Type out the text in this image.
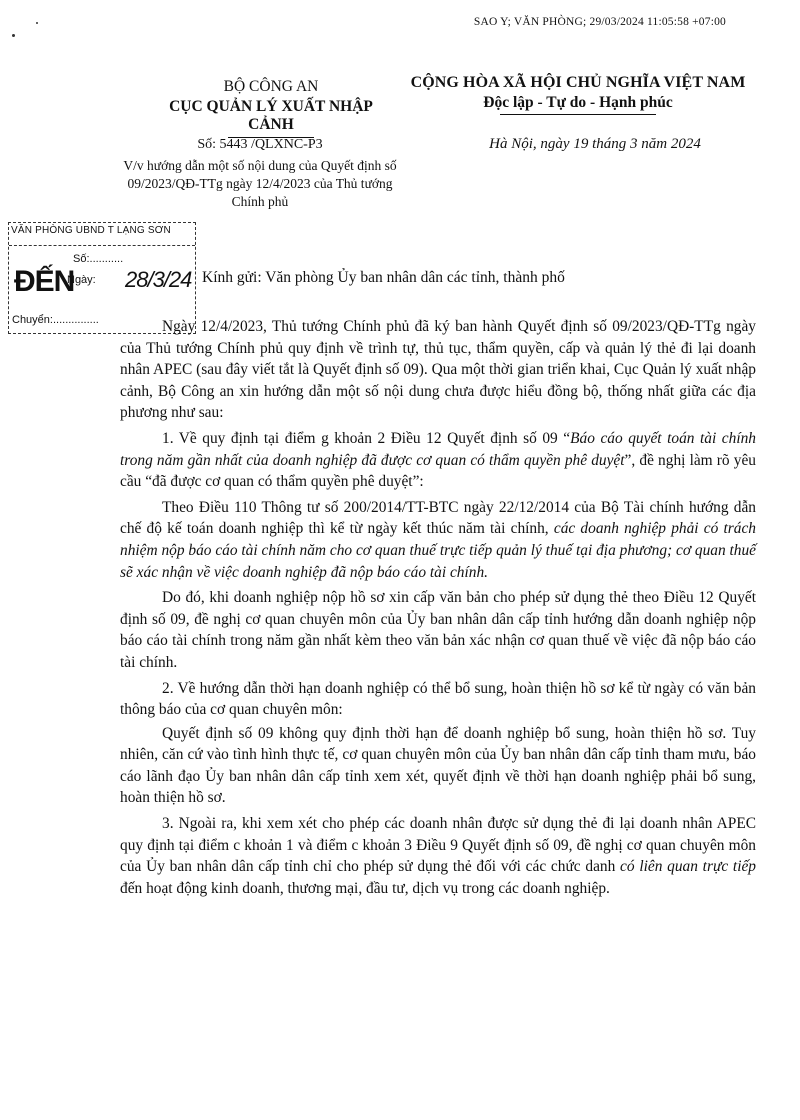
SAO Y; VĂN PHÒNG; 29/03/2024 11:05:58 +07:00
BỘ CÔNG AN
CỤC QUẢN LÝ XUẤT NHẬP CẢNH
CỘNG HÒA XÃ HỘI CHỦ NGHĨA VIỆT NAM
Độc lập - Tự do - Hạnh phúc
Số: 5443 /QLXNC-P3
V/v hướng dẫn một số nội dung của Quyết định số 09/2023/QĐ-TTg ngày 12/4/2023 của Thủ tướng Chính phủ
Hà Nội, ngày 19 tháng 3 năm 2024
VĂN PHÒNG UBND T LẠNG SƠN
Số:...........
ĐẾN
Ngày: 28/3/24
Chuyển:...............
Kính gửi: Văn phòng Ủy ban nhân dân các tỉnh, thành phố

Ngày 12/4/2023, Thủ tướng Chính phủ đã ký ban hành Quyết định số 09/2023/QĐ-TTg ngày của Thủ tướng Chính phủ quy định về trình tự, thủ tục, thẩm quyền, cấp và quản lý thẻ đi lại doanh nhân APEC (sau đây viết tắt là Quyết định số 09). Qua một thời gian triển khai, Cục Quản lý xuất nhập cảnh, Bộ Công an xin hướng dẫn một số nội dung chưa được hiểu đồng bộ, thống nhất giữa các địa phương như sau:

1. Về quy định tại điểm g khoản 2 Điều 12 Quyết định số 09 “Báo cáo quyết toán tài chính trong năm gần nhất của doanh nghiệp đã được cơ quan có thẩm quyền phê duyệt”, đề nghị làm rõ yêu cầu “đã được cơ quan có thẩm quyền phê duyệt”:

Theo Điều 110 Thông tư số 200/2014/TT-BTC ngày 22/12/2014 của Bộ Tài chính hướng dẫn chế độ kế toán doanh nghiệp thì kể từ ngày kết thúc năm tài chính, các doanh nghiệp phải có trách nhiệm nộp báo cáo tài chính năm cho cơ quan thuế trực tiếp quản lý thuế tại địa phương; cơ quan thuế sẽ xác nhận về việc doanh nghiệp đã nộp báo cáo tài chính.

Do đó, khi doanh nghiệp nộp hồ sơ xin cấp văn bản cho phép sử dụng thẻ theo Điều 12 Quyết định số 09, đề nghị cơ quan chuyên môn của Ủy ban nhân dân cấp tỉnh hướng dẫn doanh nghiệp nộp báo cáo tài chính trong năm gần nhất kèm theo văn bản xác nhận cơ quan thuế về việc đã nộp báo cáo tài chính.

2. Về hướng dẫn thời hạn doanh nghiệp có thể bổ sung, hoàn thiện hồ sơ kể từ ngày có văn bản thông báo của cơ quan chuyên môn:

Quyết định số 09 không quy định thời hạn để doanh nghiệp bổ sung, hoàn thiện hồ sơ. Tuy nhiên, căn cứ vào tình hình thực tế, cơ quan chuyên môn của Ủy ban nhân dân cấp tỉnh tham mưu, báo cáo lãnh đạo Ủy ban nhân dân cấp tỉnh xem xét, quyết định về thời hạn doanh nghiệp phải bổ sung, hoàn thiện hồ sơ.

3. Ngoài ra, khi xem xét cho phép các doanh nhân được sử dụng thẻ đi lại doanh nhân APEC quy định tại điểm c khoản 1 và điểm c khoản 3 Điều 9 Quyết định số 09, đề nghị cơ quan chuyên môn của Ủy ban nhân dân cấp tỉnh chỉ cho phép sử dụng thẻ đối với các chức danh có liên quan trực tiếp đến hoạt động kinh doanh, thương mại, đầu tư, dịch vụ trong các doanh nghiệp.
